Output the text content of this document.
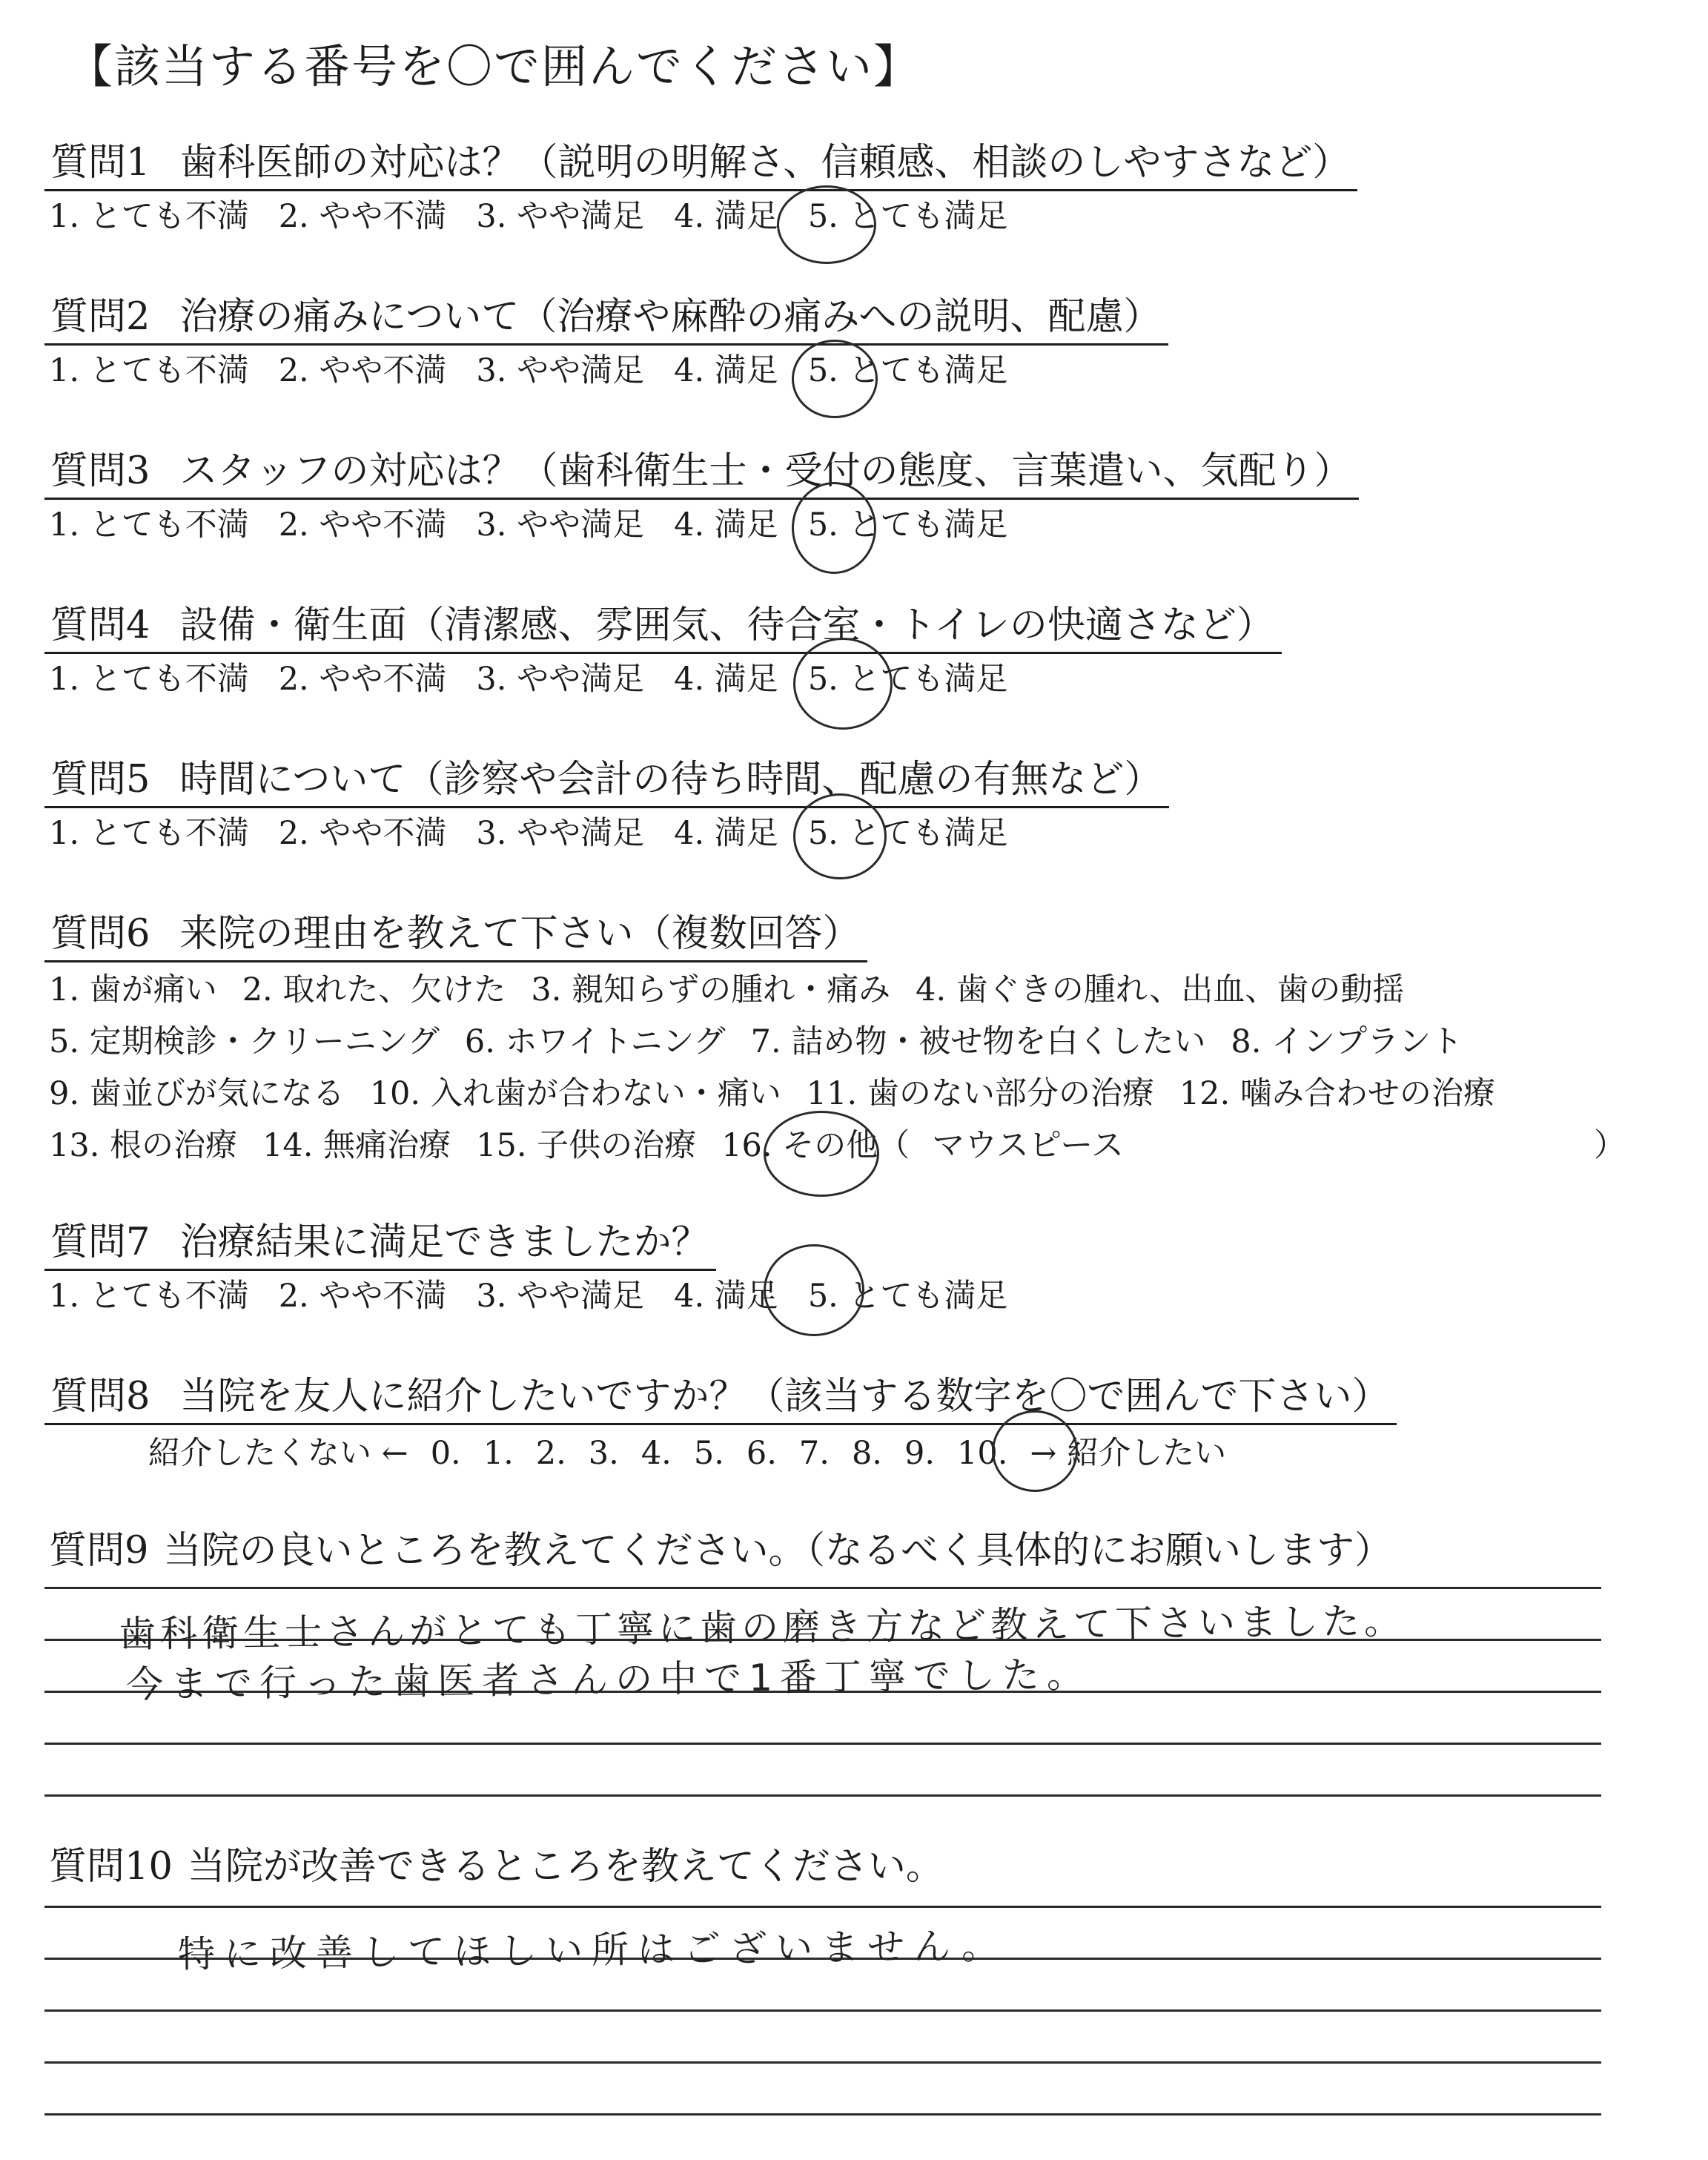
【該当する番号を〇で囲んでください】
質問1 歯科医師の対応は？（説明の明解さ、信頼感、相談のしやすさなど）
1. とても不満 2. やや不満 3. やや満足 4. 満足 5. とても満足
質問2 治療の痛みについて（治療や麻酔の痛みへの説明、配慮）
1. とても不満 2. やや不満 3. やや満足 4. 満足 5. とても満足
質問3 スタッフの対応は？（歯科衛生士・受付の態度、言葉遣い、気配り）
1. とても不満 2. やや不満 3. やや満足 4. 満足 5. とても満足
質問4 設備・衛生面（清潔感、雰囲気、待合室・トイレの快適さなど）
1. とても不満 2. やや不満 3. やや満足 4. 満足 5. とても満足
質問5 時間について（診察や会計の待ち時間、配慮の有無など）
1. とても不満 2. やや不満 3. やや満足 4. 満足 5. とても満足
質問6 来院の理由を教えて下さい（複数回答）
1. 歯が痛い 2. 取れた、欠けた 3. 親知らずの腫れ・痛み 4. 歯ぐきの腫れ、出血、歯の動揺
5. 定期検診・クリーニング 6. ホワイトニング 7. 詰め物・被せ物を白くしたい 8. インプラント
9. 歯並びが気になる 10. 入れ歯が合わない・痛い 11. 歯のない部分の治療 12. 噛み合わせの治療
13. 根の治療 14. 無痛治療 15. 子供の治療 16. その他（ マウスピース	）
質問7 治療結果に満足できましたか？
1. とても不満 2. やや不満 3. やや満足 4. 満足 5. とても満足
質問8 当院を友人に紹介したいですか？（該当する数字を〇で囲んで下さい）
紹介したくない ← 0. 1. 2. 3. 4. 5. 6. 7. 8. 9. 10. → 紹介したい
質問9 当院の良いところを教えてください。（なるべく具体的にお願いします）
歯科衛生士さんがとても丁寧に歯の磨き方など教えて下さいました。
今まで行った歯医者さんの中で1番丁寧でした。
質問10 当院が改善できるところを教えてください。
特に改善してほしい所はございません。
